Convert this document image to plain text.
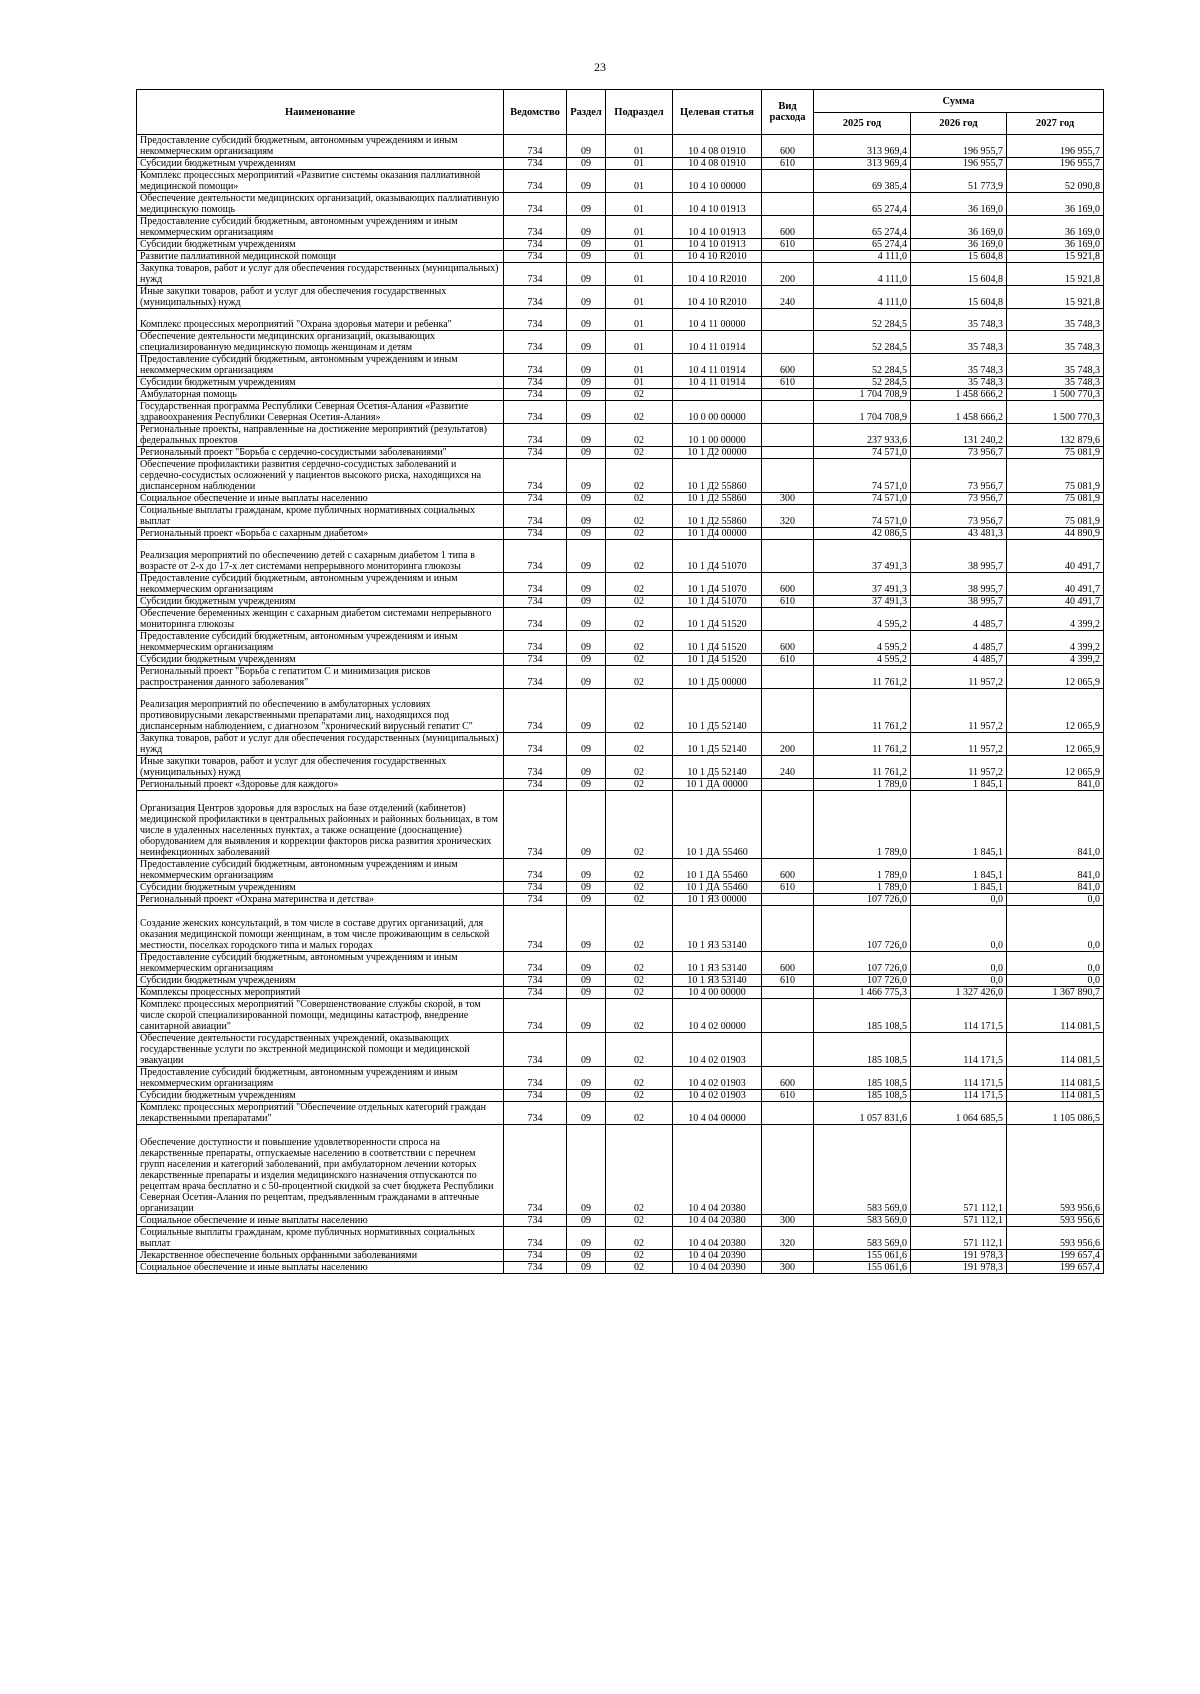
23
Наименование	Ведомство	Раздел	Подраздел	Целевая статья	Вид расхода	Сумма		
						2025 год	2026 год	2027 год
Предоставление субсидий бюджетным, автономным учреждениям и иным некоммерческим организациям	734	09	01	10 4 08 01910	600	313 969,4	196 955,7	196 955,7
Субсидии бюджетным учреждениям	734	09	01	10 4 08 01910	610	313 969,4	196 955,7	196 955,7
Комплекс процессных мероприятий «Развитие системы оказания паллиативной медицинской помощи»	734	09	01	10 4 10 00000		69 385,4	51 773,9	52 090,8
Обеспечение деятельности медицинских организаций, оказывающих паллиативную медицинскую помощь	734	09	01	10 4 10 01913		65 274,4	36 169,0	36 169,0
Предоставление субсидий бюджетным, автономным учреждениям и иным некоммерческим организациям	734	09	01	10 4 10 01913	600	65 274,4	36 169,0	36 169,0
Субсидии бюджетным учреждениям	734	09	01	10 4 10 01913	610	65 274,4	36 169,0	36 169,0
Развитие паллиативной медицинской помощи	734	09	01	10 4 10 R2010		4 111,0	15 604,8	15 921,8
Закупка товаров, работ и услуг для обеспечения государственных (муниципальных) нужд	734	09	01	10 4 10 R2010	200	4 111,0	15 604,8	15 921,8
Иные закупки товаров, работ и услуг для обеспечения государственных (муниципальных) нужд	734	09	01	10 4 10 R2010	240	4 111,0	15 604,8	15 921,8
Комплекс процессных мероприятий "Охрана здоровья матери и ребенка"	734	09	01	10 4 11 00000		52 284,5	35 748,3	35 748,3
Обеспечение деятельности медицинских организаций, оказывающих специализированную медицинскую помощь женщинам и детям	734	09	01	10 4 11 01914		52 284,5	35 748,3	35 748,3
Предоставление субсидий бюджетным, автономным учреждениям и иным некоммерческим организациям	734	09	01	10 4 11 01914	600	52 284,5	35 748,3	35 748,3
Субсидии бюджетным учреждениям	734	09	01	10 4 11 01914	610	52 284,5	35 748,3	35 748,3
Амбулаторная помощь	734	09	02			1 704 708,9	1 458 666,2	1 500 770,3
Государственная программа Республики Северная Осетия-Алания «Развитие здравоохранения Республики Северная Осетия-Алания»	734	09	02	10 0 00 00000		1 704 708,9	1 458 666,2	1 500 770,3
Региональные проекты, направленные на достижение мероприятий (результатов) федеральных проектов	734	09	02	10 1 00 00000		237 933,6	131 240,2	132 879,6
Региональный проект "Борьба с сердечно-сосудистыми заболеваниями"	734	09	02	10 1 Д2 00000		74 571,0	73 956,7	75 081,9
Обеспечение профилактики развития сердечно-сосудистых заболеваний и сердечно-сосудистых осложнений у пациентов высокого риска, находящихся на диспансерном наблюдении	734	09	02	10 1 Д2 55860		74 571,0	73 956,7	75 081,9
Социальное обеспечение и иные выплаты населению	734	09	02	10 1 Д2 55860	300	74 571,0	73 956,7	75 081,9
Социальные выплаты гражданам, кроме публичных нормативных социальных выплат	734	09	02	10 1 Д2 55860	320	74 571,0	73 956,7	75 081,9
Региональный проект «Борьба с сахарным диабетом»	734	09	02	10 1 Д4 00000		42 086,5	43 481,3	44 890,9
Реализация мероприятий по обеспечению детей с сахарным диабетом 1 типа в возрасте от 2-х до 17-х лет системами непрерывного мониторинга глюкозы	734	09	02	10 1 Д4 51070		37 491,3	38 995,7	40 491,7
Предоставление субсидий бюджетным, автономным учреждениям и иным некоммерческим организациям	734	09	02	10 1 Д4 51070	600	37 491,3	38 995,7	40 491,7
Субсидии бюджетным учреждениям	734	09	02	10 1 Д4 51070	610	37 491,3	38 995,7	40 491,7
Обеспечение беременных женщин с сахарным диабетом системами непрерывного мониторинга глюкозы	734	09	02	10 1 Д4 51520		4 595,2	4 485,7	4 399,2
Предоставление субсидий бюджетным, автономным учреждениям и иным некоммерческим организациям	734	09	02	10 1 Д4 51520	600	4 595,2	4 485,7	4 399,2
Субсидии бюджетным учреждениям	734	09	02	10 1 Д4 51520	610	4 595,2	4 485,7	4 399,2
Региональный проект "Борьба с гепатитом С и минимизация рисков распространения данного заболевания"	734	09	02	10 1 Д5 00000		11 761,2	11 957,2	12 065,9
Реализация мероприятий по обеспечению в амбулаторных условиях противовирусными лекарственными препаратами лиц, находящихся под диспансерным наблюдением, с диагнозом "хронический вирусный гепатит С"	734	09	02	10 1 Д5 52140		11 761,2	11 957,2	12 065,9
Закупка товаров, работ и услуг для обеспечения государственных (муниципальных) нужд	734	09	02	10 1 Д5 52140	200	11 761,2	11 957,2	12 065,9
Иные закупки товаров, работ и услуг для обеспечения государственных (муниципальных) нужд	734	09	02	10 1 Д5 52140	240	11 761,2	11 957,2	12 065,9
Региональный проект «Здоровье для каждого»	734	09	02	10 1 ДА 00000		1 789,0	1 845,1	841,0
Организация Центров здоровья для взрослых на базе отделений (кабинетов) медицинской профилактики в центральных районных и районных больницах, в том числе в удаленных населенных пунктах, а также оснащение (дооснащение) оборудованием для выявления и коррекции факторов риска развития хронических неинфекционных заболеваний	734	09	02	10 1 ДА 55460		1 789,0	1 845,1	841,0
Предоставление субсидий бюджетным, автономным учреждениям и иным некоммерческим организациям	734	09	02	10 1 ДА 55460	600	1 789,0	1 845,1	841,0
Субсидии бюджетным учреждениям	734	09	02	10 1 ДА 55460	610	1 789,0	1 845,1	841,0
Региональный проект «Охрана материнства и детства»	734	09	02	10 1 Я3 00000		107 726,0	0,0	0,0
Создание женских консультаций, в том числе в составе других организаций, для оказания медицинской помощи женщинам, в том числе проживающим в сельской местности, поселках городского типа и малых городах	734	09	02	10 1 Я3 53140		107 726,0	0,0	0,0
Предоставление субсидий бюджетным, автономным учреждениям и иным некоммерческим организациям	734	09	02	10 1 Я3 53140	600	107 726,0	0,0	0,0
Субсидии бюджетным учреждениям	734	09	02	10 1 Я3 53140	610	107 726,0	0,0	0,0
Комплексы процессных мероприятий	734	09	02	10 4 00 00000		1 466 775,3	1 327 426,0	1 367 890,7
Комплекс процессных мероприятий "Совершенствование службы скорой, в том числе скорой специализированной помощи, медицины катастроф, внедрение санитарной авиации"	734	09	02	10 4 02 00000		185 108,5	114 171,5	114 081,5
Обеспечение деятельности государственных учреждений, оказывающих государственные услуги по экстренной медицинской помощи и медицинской эвакуации	734	09	02	10 4 02 01903		185 108,5	114 171,5	114 081,5
Предоставление субсидий бюджетным, автономным учреждениям и иным некоммерческим организациям	734	09	02	10 4 02 01903	600	185 108,5	114 171,5	114 081,5
Субсидии бюджетным учреждениям	734	09	02	10 4 02 01903	610	185 108,5	114 171,5	114 081,5
Комплекс процессных мероприятий "Обеспечение отдельных категорий граждан лекарственными препаратами"	734	09	02	10 4 04 00000		1 057 831,6	1 064 685,5	1 105 086,5
Обеспечение доступности и повышение удовлетворенности спроса на лекарственные препараты, отпускаемые населению в соответствии с перечнем групп населения и категорий заболеваний, при амбулаторном лечении которых лекарственные препараты и изделия медицинского назначения отпускаются по рецептам врача бесплатно и с 50-процентной скидкой за счет бюджета Республики Северная Осетия-Алания по рецептам, предъявленным гражданами в аптечные организации	734	09	02	10 4 04 20380		583 569,0	571 112,1	593 956,6
Социальное обеспечение и иные выплаты населению	734	09	02	10 4 04 20380	300	583 569,0	571 112,1	593 956,6
Социальные выплаты гражданам, кроме публичных нормативных социальных выплат	734	09	02	10 4 04 20380	320	583 569,0	571 112,1	593 956,6
Лекарственное обеспечение больных орфанными заболеваниями	734	09	02	10 4 04 20390		155 061,6	191 978,3	199 657,4
Социальное обеспечение и иные выплаты населению	734	09	02	10 4 04 20390	300	155 061,6	191 978,3	199 657,4
